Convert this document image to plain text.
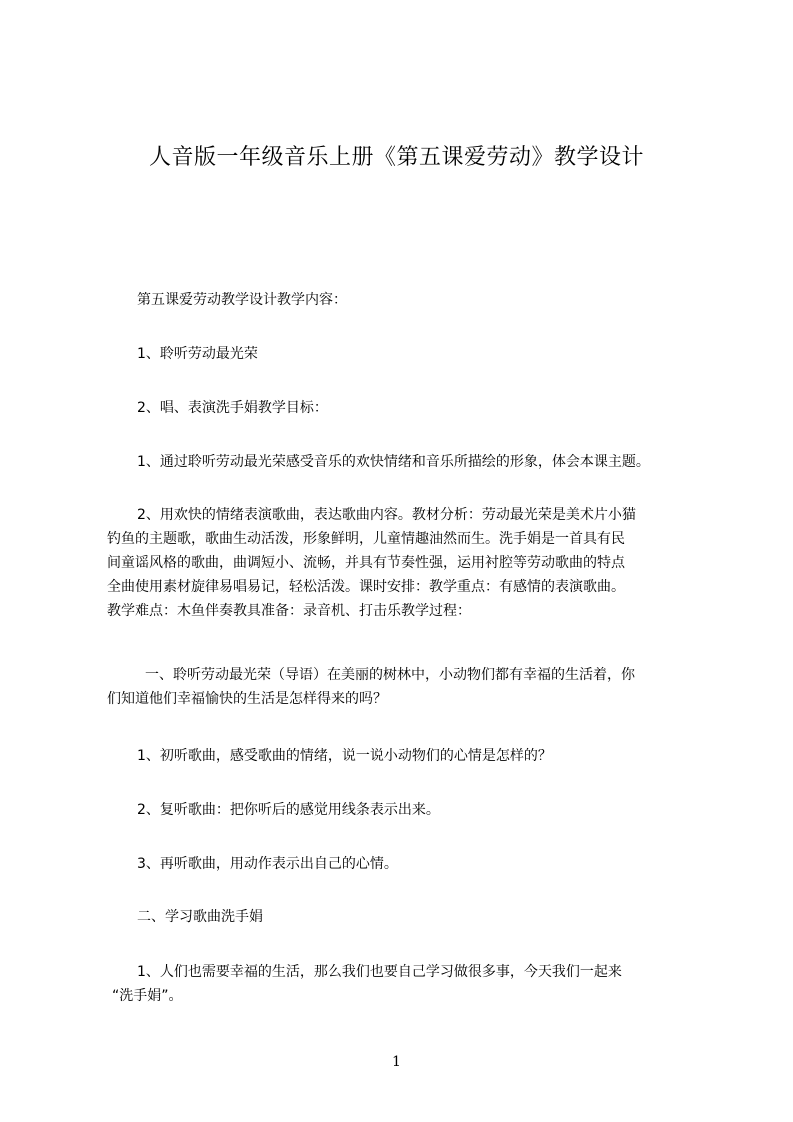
人音版一年级音乐上册《第五课爱劳动》教学设计
第五课爱劳动教学设计教学内容：
1、聆听劳动最光荣
2、唱、表演洗手娟教学目标：
1、通过聆听劳动最光荣感受音乐的欢快情绪和音乐所描绘的形象，体会本课主题。
2、用欢快的情绪表演歌曲，表达歌曲内容。教材分析：劳动最光荣是美术片小猫
钓鱼的主题歌，歌曲生动活泼，形象鲜明，儿童情趣油然而生。洗手娟是一首具有民
间童谣风格的歌曲，曲调短小、流畅，并具有节奏性强，运用衬腔等劳动歌曲的特点
全曲使用素材旋律易唱易记，轻松活泼。课时安排：教学重点：有感情的表演歌曲。
教学难点：木鱼伴奏教具准备：录音机、打击乐教学过程：
一、聆听劳动最光荣（导语）在美丽的树林中，小动物们都有幸福的生活着，你
们知道他们幸福愉快的生活是怎样得来的吗？
1、初听歌曲，感受歌曲的情绪，说一说小动物们的心情是怎样的？
2、复听歌曲：把你听后的感觉用线条表示出来。
3、再听歌曲，用动作表示出自己的心情。
二、学习歌曲洗手娟
1、人们也需要幸福的生活，那么我们也要自己学习做很多事，今天我们一起来
“洗手娟”。
1
